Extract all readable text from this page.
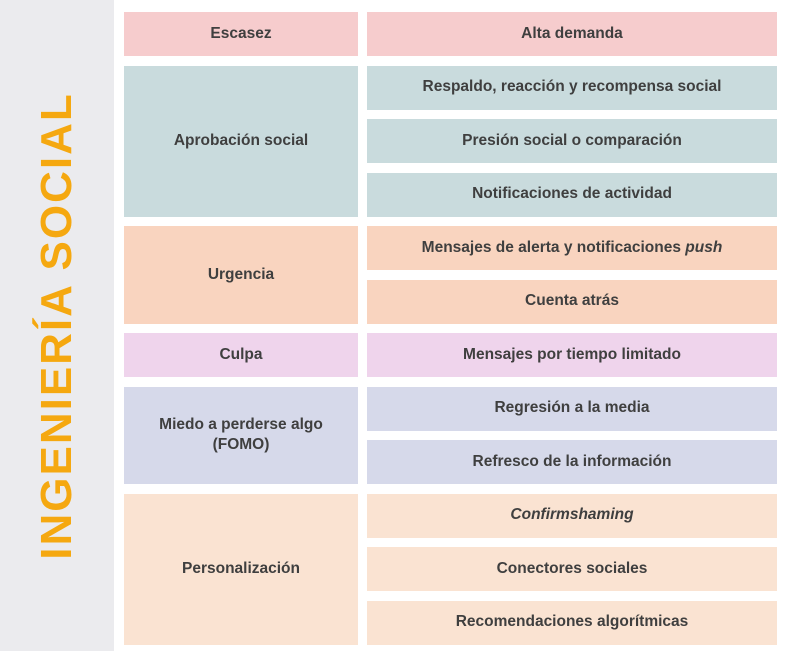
INGENIERÍA SOCIAL
Escasez	Alta demanda
Aprobación social
Respaldo, reacción y recompensa social
Presión social o comparación
Notificaciones de actividad
Urgencia
Mensajes de alerta y notificaciones
push
Cuenta atrás
Culpa	Mensajes por tiempo limitado
Miedo a perderse algo
(FOMO)
Regresión a la media
Refresco de la información
Personalización
Confirmshaming
Conectores sociales
Recomendaciones algorítmicas
